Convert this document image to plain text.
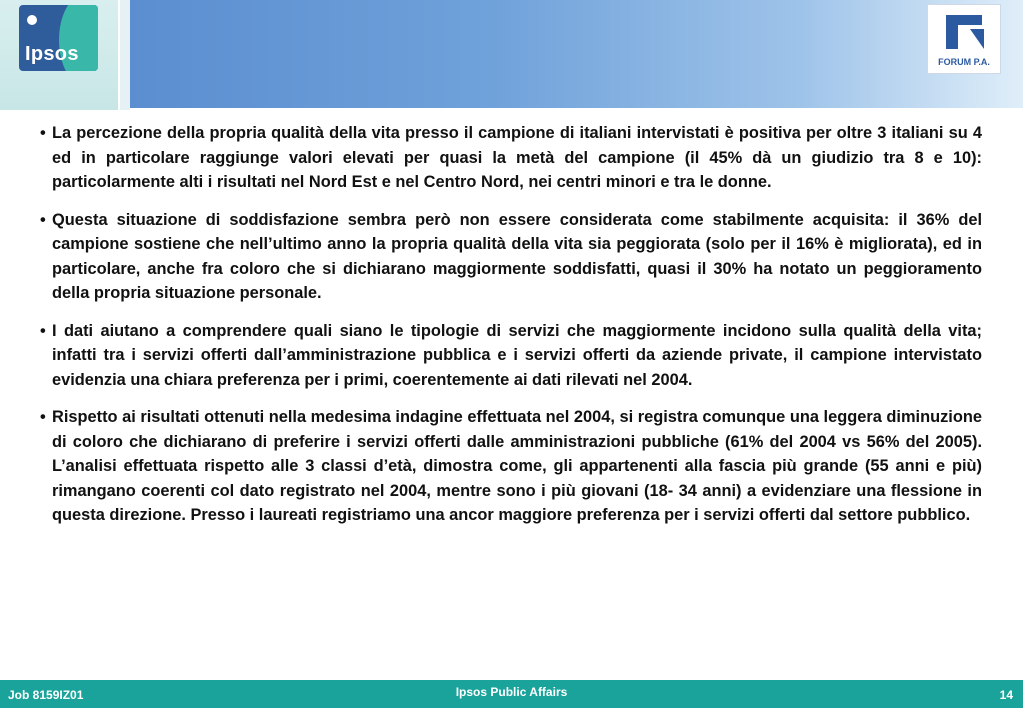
Ipsos	FORUM P.A.
• La percezione della propria qualità della vita presso il campione di italiani intervistati è positiva per oltre 3 italiani su 4 ed in particolare raggiunge valori elevati per quasi la metà del campione (il 45% dà un giudizio tra 8 e 10): particolarmente alti i risultati nel Nord Est e nel Centro Nord, nei centri minori e tra le donne.
• Questa situazione di soddisfazione sembra però non essere considerata come stabilmente acquisita: il 36% del campione sostiene che nell’ultimo anno la propria qualità della vita sia peggiorata (solo per il 16% è migliorata), ed in particolare, anche fra coloro che si dichiarano maggiormente soddisfatti, quasi il 30% ha notato un peggioramento della propria situazione personale.
• I dati aiutano a comprendere quali siano le tipologie di servizi che maggiormente incidono sulla qualità della vita; infatti tra i servizi offerti dall’amministrazione pubblica e i servizi offerti da aziende private, il campione intervistato evidenzia una chiara preferenza per i primi, coerentemente ai dati rilevati nel 2004.
• Rispetto ai risultati ottenuti nella medesima indagine effettuata nel 2004, si registra comunque una leggera diminuzione di coloro che dichiarano di preferire i servizi offerti dalle amministrazioni pubbliche (61% del 2004 vs 56% del 2005). L’analisi effettuata rispetto alle 3 classi d’età, dimostra come, gli appartenenti alla fascia più grande (55 anni e più) rimangano coerenti col dato registrato nel 2004, mentre sono i più giovani (18- 34 anni) a evidenziare una flessione in questa direzione. Presso i laureati registriamo una ancor maggiore preferenza per i servizi offerti dal settore pubblico.
Job 8159IZ01	Ipsos Public Affairs	14
